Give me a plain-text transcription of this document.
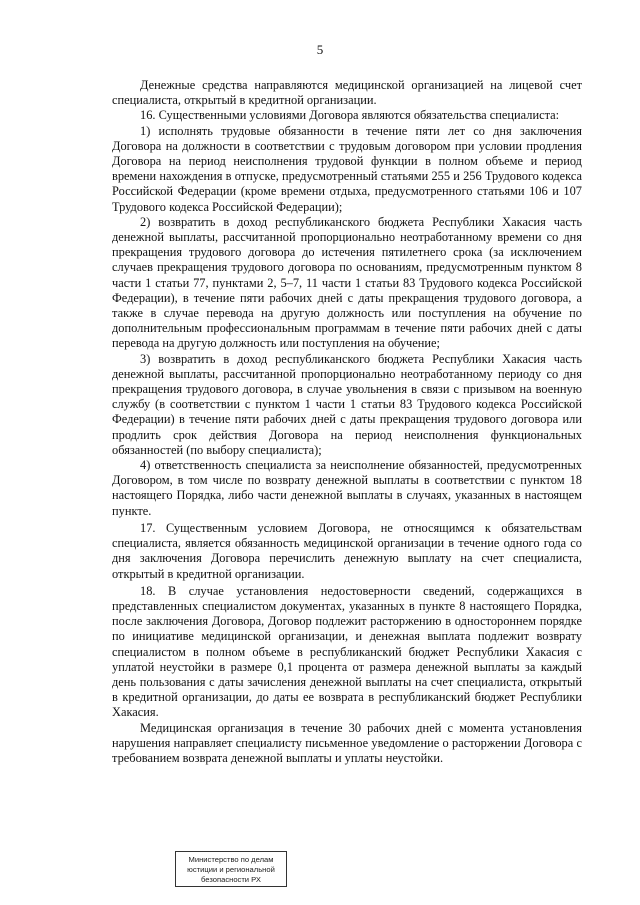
5

Денежные средства направляются медицинской организацией на лицевой счет специалиста, открытый в кредитной организации.

16. Существенными условиями Договора являются обязательства специалиста:

1) исполнять трудовые обязанности в течение пяти лет со дня заключения Договора на должности в соответствии с трудовым договором при условии продления Договора на период неисполнения трудовой функции в полном объеме и период времени нахождения в отпуске, предусмотренный статьями 255 и 256 Трудового кодекса Российской Федерации (кроме времени отдыха, предусмотренного статьями 106 и 107 Трудового кодекса Российской Федерации);

2) возвратить в доход республиканского бюджета Республики Хакасия часть денежной выплаты, рассчитанной пропорционально неотработанному времени со дня прекращения трудового договора до истечения пятилетнего срока (за исключением случаев прекращения трудового договора по основаниям, предусмотренным пунктом 8 части 1 статьи 77, пунктами 2, 5–7, 11 части 1 статьи 83 Трудового кодекса Российской Федерации), в течение пяти рабочих дней с даты прекращения трудового договора, а также в случае перевода на другую должность или поступления на обучение по дополнительным профессиональным программам в течение пяти рабочих дней с даты перевода на другую должность или поступления на обучение;

3) возвратить в доход республиканского бюджета Республики Хакасия часть денежной выплаты, рассчитанной пропорционально неотработанному периоду со дня прекращения трудового договора, в случае увольнения в связи с призывом на военную службу (в соответствии с пунктом 1 части 1 статьи 83 Трудового кодекса Российской Федерации) в течение пяти рабочих дней с даты прекращения трудового договора или продлить срок действия Договора на период неисполнения функциональных обязанностей (по выбору специалиста);

4) ответственность специалиста за неисполнение обязанностей, предусмотренных Договором, в том числе по возврату денежной выплаты в соответствии с пунктом 18 настоящего Порядка, либо части денежной выплаты в случаях, указанных в настоящем пункте.

17. Существенным условием Договора, не относящимся к обязательствам специалиста, является обязанность медицинской организации в течение одного года со дня заключения Договора перечислить денежную выплату на счет специалиста, открытый в кредитной организации.

18. В случае установления недостоверности сведений, содержащихся в представленных специалистом документах, указанных в пункте 8 настоящего Порядка, после заключения Договора, Договор подлежит расторжению в одностороннем порядке по инициативе медицинской организации, и денежная выплата подлежит возврату специалистом в полном объеме в республиканский бюджет Республики Хакасия с уплатой неустойки в размере 0,1 процента от размера денежной выплаты за каждый день пользования с даты зачисления денежной выплаты на счет специалиста, открытый в кредитной организации, до даты ее возврата в республиканский бюджет Республики Хакасия.

Медицинская организация в течение 30 рабочих дней с момента установления нарушения направляет специалисту письменное уведомление о расторжении Договора с требованием возврата денежной выплаты и уплаты неустойки.

Министерство по делам
юстиции и региональной
безопасности РХ
